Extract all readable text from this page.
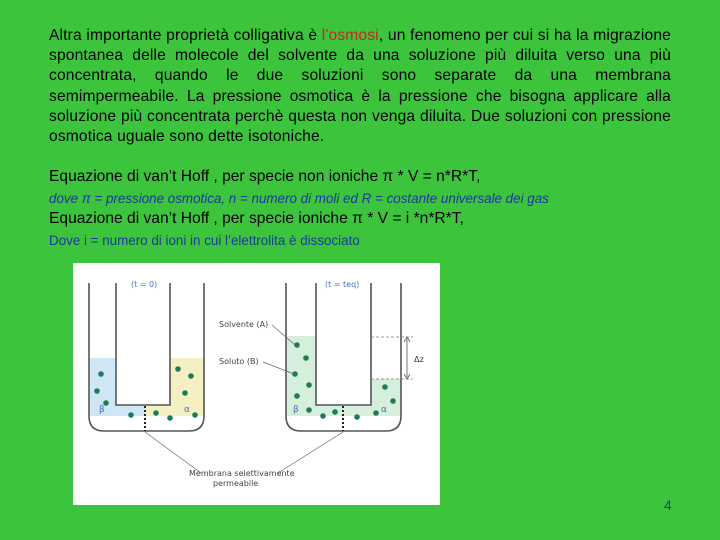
Altra importante proprietà colligativa è l'osmosi, un fenomeno per cui si ha la migrazione spontanea delle molecole del solvente da una soluzione più diluita verso una più concentrata, quando le due soluzioni sono separate da una membrana semimpermeabile. La pressione osmotica è la pressione che bisogna applicare alla soluzione più concentrata perchè questa non venga diluita. Due soluzioni con pressione osmotica uguale sono dette isotoniche.
Equazione di van’t Hoff , per specie non ioniche π * V = n*R*T,
dove π = pressione osmotica, n = numero di moli ed R = costante universale dei gas
Equazione di van’t Hoff , per specie ioniche π * V = i *n*R*T,
Dove i = numero di ioni in cui l’elettrolita è dissociato
β	α
(t = 0)
Δz
β	α
(t = teq)
Solvente (A)
Soluto (B)
Membrana selettivamente
permeabile
4
